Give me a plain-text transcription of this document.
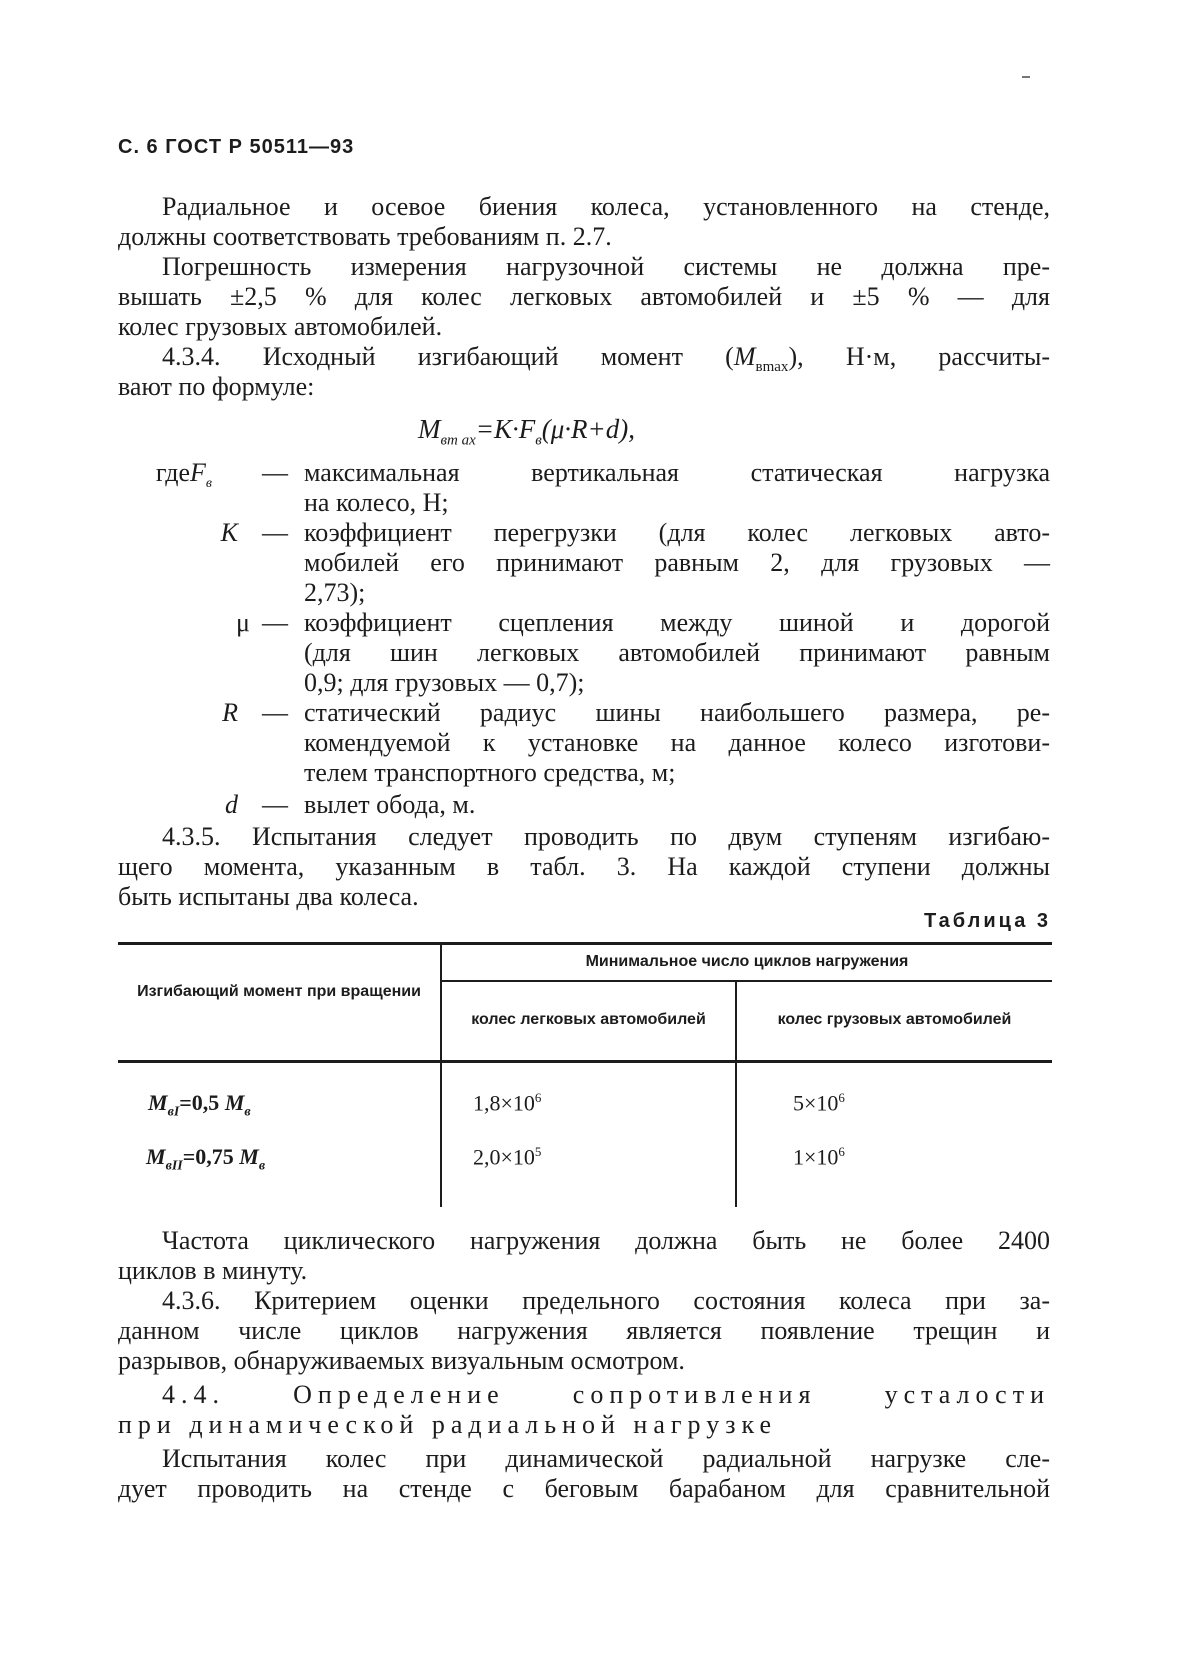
С. 6 ГОСТ Р 50511—93

Радиальное и осевое биения колеса, установленного на стенде,

должны соответствовать требованиям п. 2.7.

Погрешность измерения нагрузочной системы не должна пре-

вышать ±2,5 % для колес легковых автомобилей и ±5 % — для

колес грузовых автомобилей.

4.3.4. Исходный изгибающий момент $(M_{вmax})$, Н·м, рассчиты-

вают по формуле:

$M_{вm ax}=K\cdot F_в(\mu\cdot R+d)$,
где $F_в$	— максимальная вертикальная статическая нагрузка

на колесо, Н;

K — коэффициент перегрузки (для колес легковых авто-

мобилей его принимают равным 2, для грузовых —

2,73);

μ — коэффициент сцепления между шиной и дорогой

(для шин легковых автомобилей принимают равным

0,9; для грузовых — 0,7);

R — статический радиус шины наибольшего размера, ре-

комендуемой к установке на данное колесо изготови-

телем транспортного средства, м;

d — вылет обода, м.

4.3.5. Испытания следует проводить по двум ступеням изгибаю-

щего момента, указанным в табл. 3. На каждой ступени должны

быть испытаны два колеса.

Таблица 3
Изгибающий момент при вращении
Минимальное число циклов нагружения
колес легковых автомобилей	колес грузовых автомобилей
$M_{вI}=0,5$ $M_в$	$1,8\times 10^6$	$5\times 10^6$
$M_{вII}=0,75$ $M_в$	$2,0\times 10^5$	$1\times 10^6$

Частота циклического нагружения должна быть не более 2400

циклов в минуту.

4.3.6. Критерием оценки предельного состояния колеса при за-

данном числе циклов нагружения является появление трещин и

разрывов, обнаруживаемых визуальным осмотром.

4.4. Определение сопротивления усталости

при динамической радиальной нагрузке

Испытания колес при динамической радиальной нагрузке сле-

дует проводить на стенде с беговым барабаном для сравнительной
